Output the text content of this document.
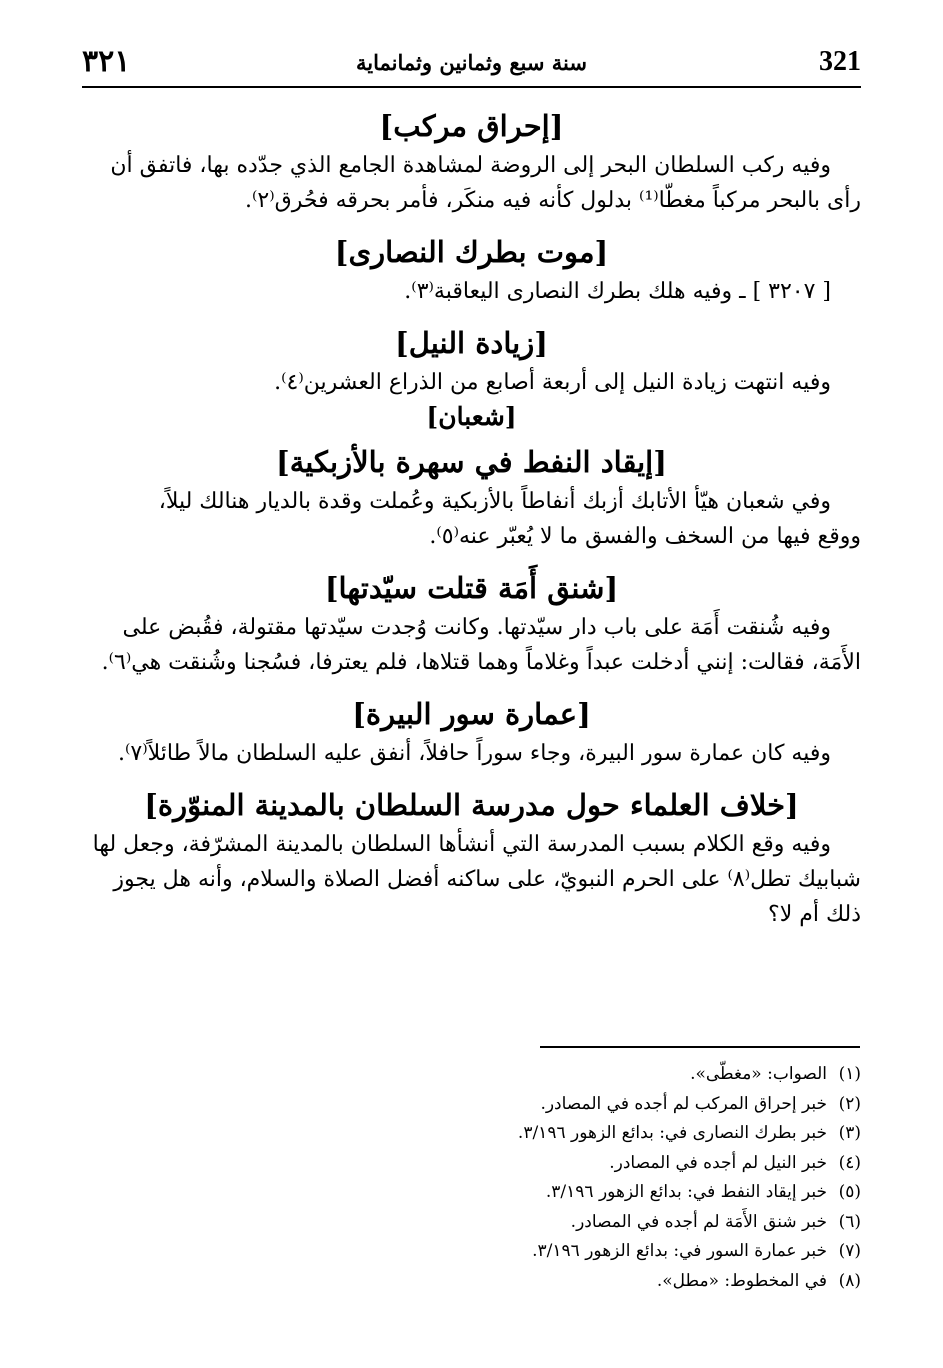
٣٢١	سنة سبع وثمانين وثمانماية	321
[إحراق مركب]

وفيه ركب السلطان البحر إلى الروضة لمشاهدة الجامع الذي جدّده بها، فاتفق أن

رأى بالبحر مركباً مغطّا⁽¹⁾ بدلول كأنه فيه منكَر، فأمر بحرقه فحُرق⁽٢⁾.

[موت بطرك النصارى]

[ ٣٢٠٧ ] ـ وفيه هلك بطرك النصارى اليعاقبة⁽٣⁾.

[زيادة النيل]

وفيه انتهت زيادة النيل إلى أربعة أصابع من الذراع العشرين⁽٤⁾.

[شعبان]
[إيقاد النفط في سهرة بالأزبكية]

وفي شعبان هيّأ الأتابك أزبك أنفاطاً بالأزبكية وعُملت وقدة بالديار هنالك ليلاً،

ووقع فيها من السخف والفسق ما لا يُعبّر عنه⁽٥⁾.

[شنق أَمَة قتلت سيّدتها]

وفيه شُنقت أَمَة على باب دار سيّدتها. وكانت وُجدت سيّدتها مقتولة، فقُبض على

الأَمَة، فقالت: إنني أدخلت عبداً وغلاماً وهما قتلاها، فلم يعترفا، فسُجنا وشُنقت هي⁽٦⁾.

[عمارة سور البيرة]

وفيه كان عمارة سور البيرة، وجاء سوراً حافلاً، أنفق عليه السلطان مالاً طائلاً⁽٧⁾.

[خلاف العلماء حول مدرسة السلطان بالمدينة المنوّرة]

وفيه وقع الكلام بسبب المدرسة التي أنشأها السلطان بالمدينة المشرّفة، وجعل لها

شبابيك تطل⁽٨⁾ على الحرم النبويّ، على ساكنه أفضل الصلاة والسلام، وأنه هل يجوز

ذلك أم لا؟

(١)الصواب: «مغطّى».
(٢)خبر إحراق المركب لم أجده في المصادر.
(٣)خبر بطرك النصارى في: بدائع الزهور ٣/١٩٦.
(٤)خبر النيل لم أجده في المصادر.
(٥)خبر إيقاد النفط في: بدائع الزهور ٣/١٩٦.
(٦)خبر شنق الأَمَة لم أجده في المصادر.
(٧)خبر عمارة السور في: بدائع الزهور ٣/١٩٦.
(٨)في المخطوط: «مطل».
